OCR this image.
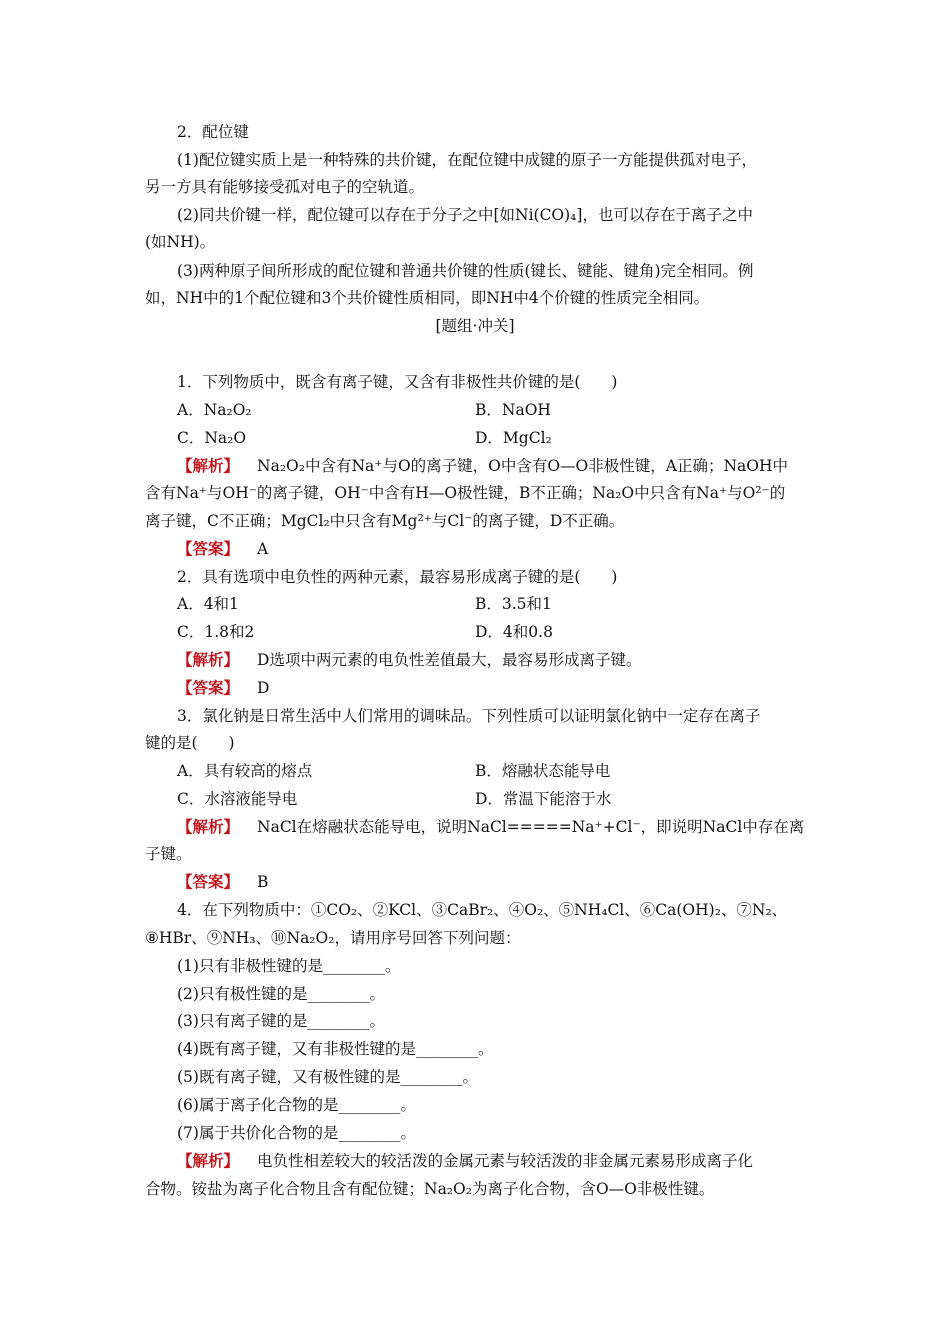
2．配位键
(1)配位键实质上是一种特殊的共价键，在配位键中成键的原子一方能提供孤对电子，
另一方具有能够接受孤对电子的空轨道。
(2)同共价键一样，配位键可以存在于分子之中[如Ni(CO)₄]，也可以存在于离子之中
(如NH)。
(3)两种原子间所形成的配位键和普通共价键的性质(键长、键能、键角)完全相同。例
如，NH中的1个配位键和3个共价键性质相同，即NH中4个价键的性质完全相同。
[题组·冲关]
1．下列物质中，既含有离子键，又含有非极性共价键的是(　　)
A．Na₂O₂	B．NaOH
C．Na₂O	D．MgCl₂
【解析】 Na₂O₂中含有Na⁺与O的离子键，O中含有O—O非极性键，A正确；NaOH中
含有Na⁺与OH⁻的离子键，OH⁻中含有H—O极性键，B不正确；Na₂O中只含有Na⁺与O²⁻的
离子键，C不正确；MgCl₂中只含有Mg²⁺与Cl⁻的离子键，D不正确。
【答案】 A
2．具有选项中电负性的两种元素，最容易形成离子键的是(　　)
A．4和1	B．3.5和1
C．1.8和2	D．4和0.8
【解析】 D选项中两元素的电负性差值最大，最容易形成离子键。
【答案】 D
3．氯化钠是日常生活中人们常用的调味品。下列性质可以证明氯化钠中一定存在离子
键的是(　　)
A．具有较高的熔点	B．熔融状态能导电
C．水溶液能导电	D．常温下能溶于水
【解析】 NaCl在熔融状态能导电，说明NaCl=====Na⁺+Cl⁻，即说明NaCl中存在离
子键。
【答案】 B
4．在下列物质中：①CO₂、②KCl、③CaBr₂、④O₂、⑤NH₄Cl、⑥Ca(OH)₂、⑦N₂、
⑧HBr、⑨NH₃、⑩Na₂O₂，请用序号回答下列问题：
(1)只有非极性键的是________。
(2)只有极性键的是________。
(3)只有离子键的是________。
(4)既有离子键，又有非极性键的是________。
(5)既有离子键，又有极性键的是________。
(6)属于离子化合物的是________。
(7)属于共价化合物的是________。
【解析】 电负性相差较大的较活泼的金属元素与较活泼的非金属元素易形成离子化
合物。铵盐为离子化合物且含有配位键；Na₂O₂为离子化合物，含O—O非极性键。
